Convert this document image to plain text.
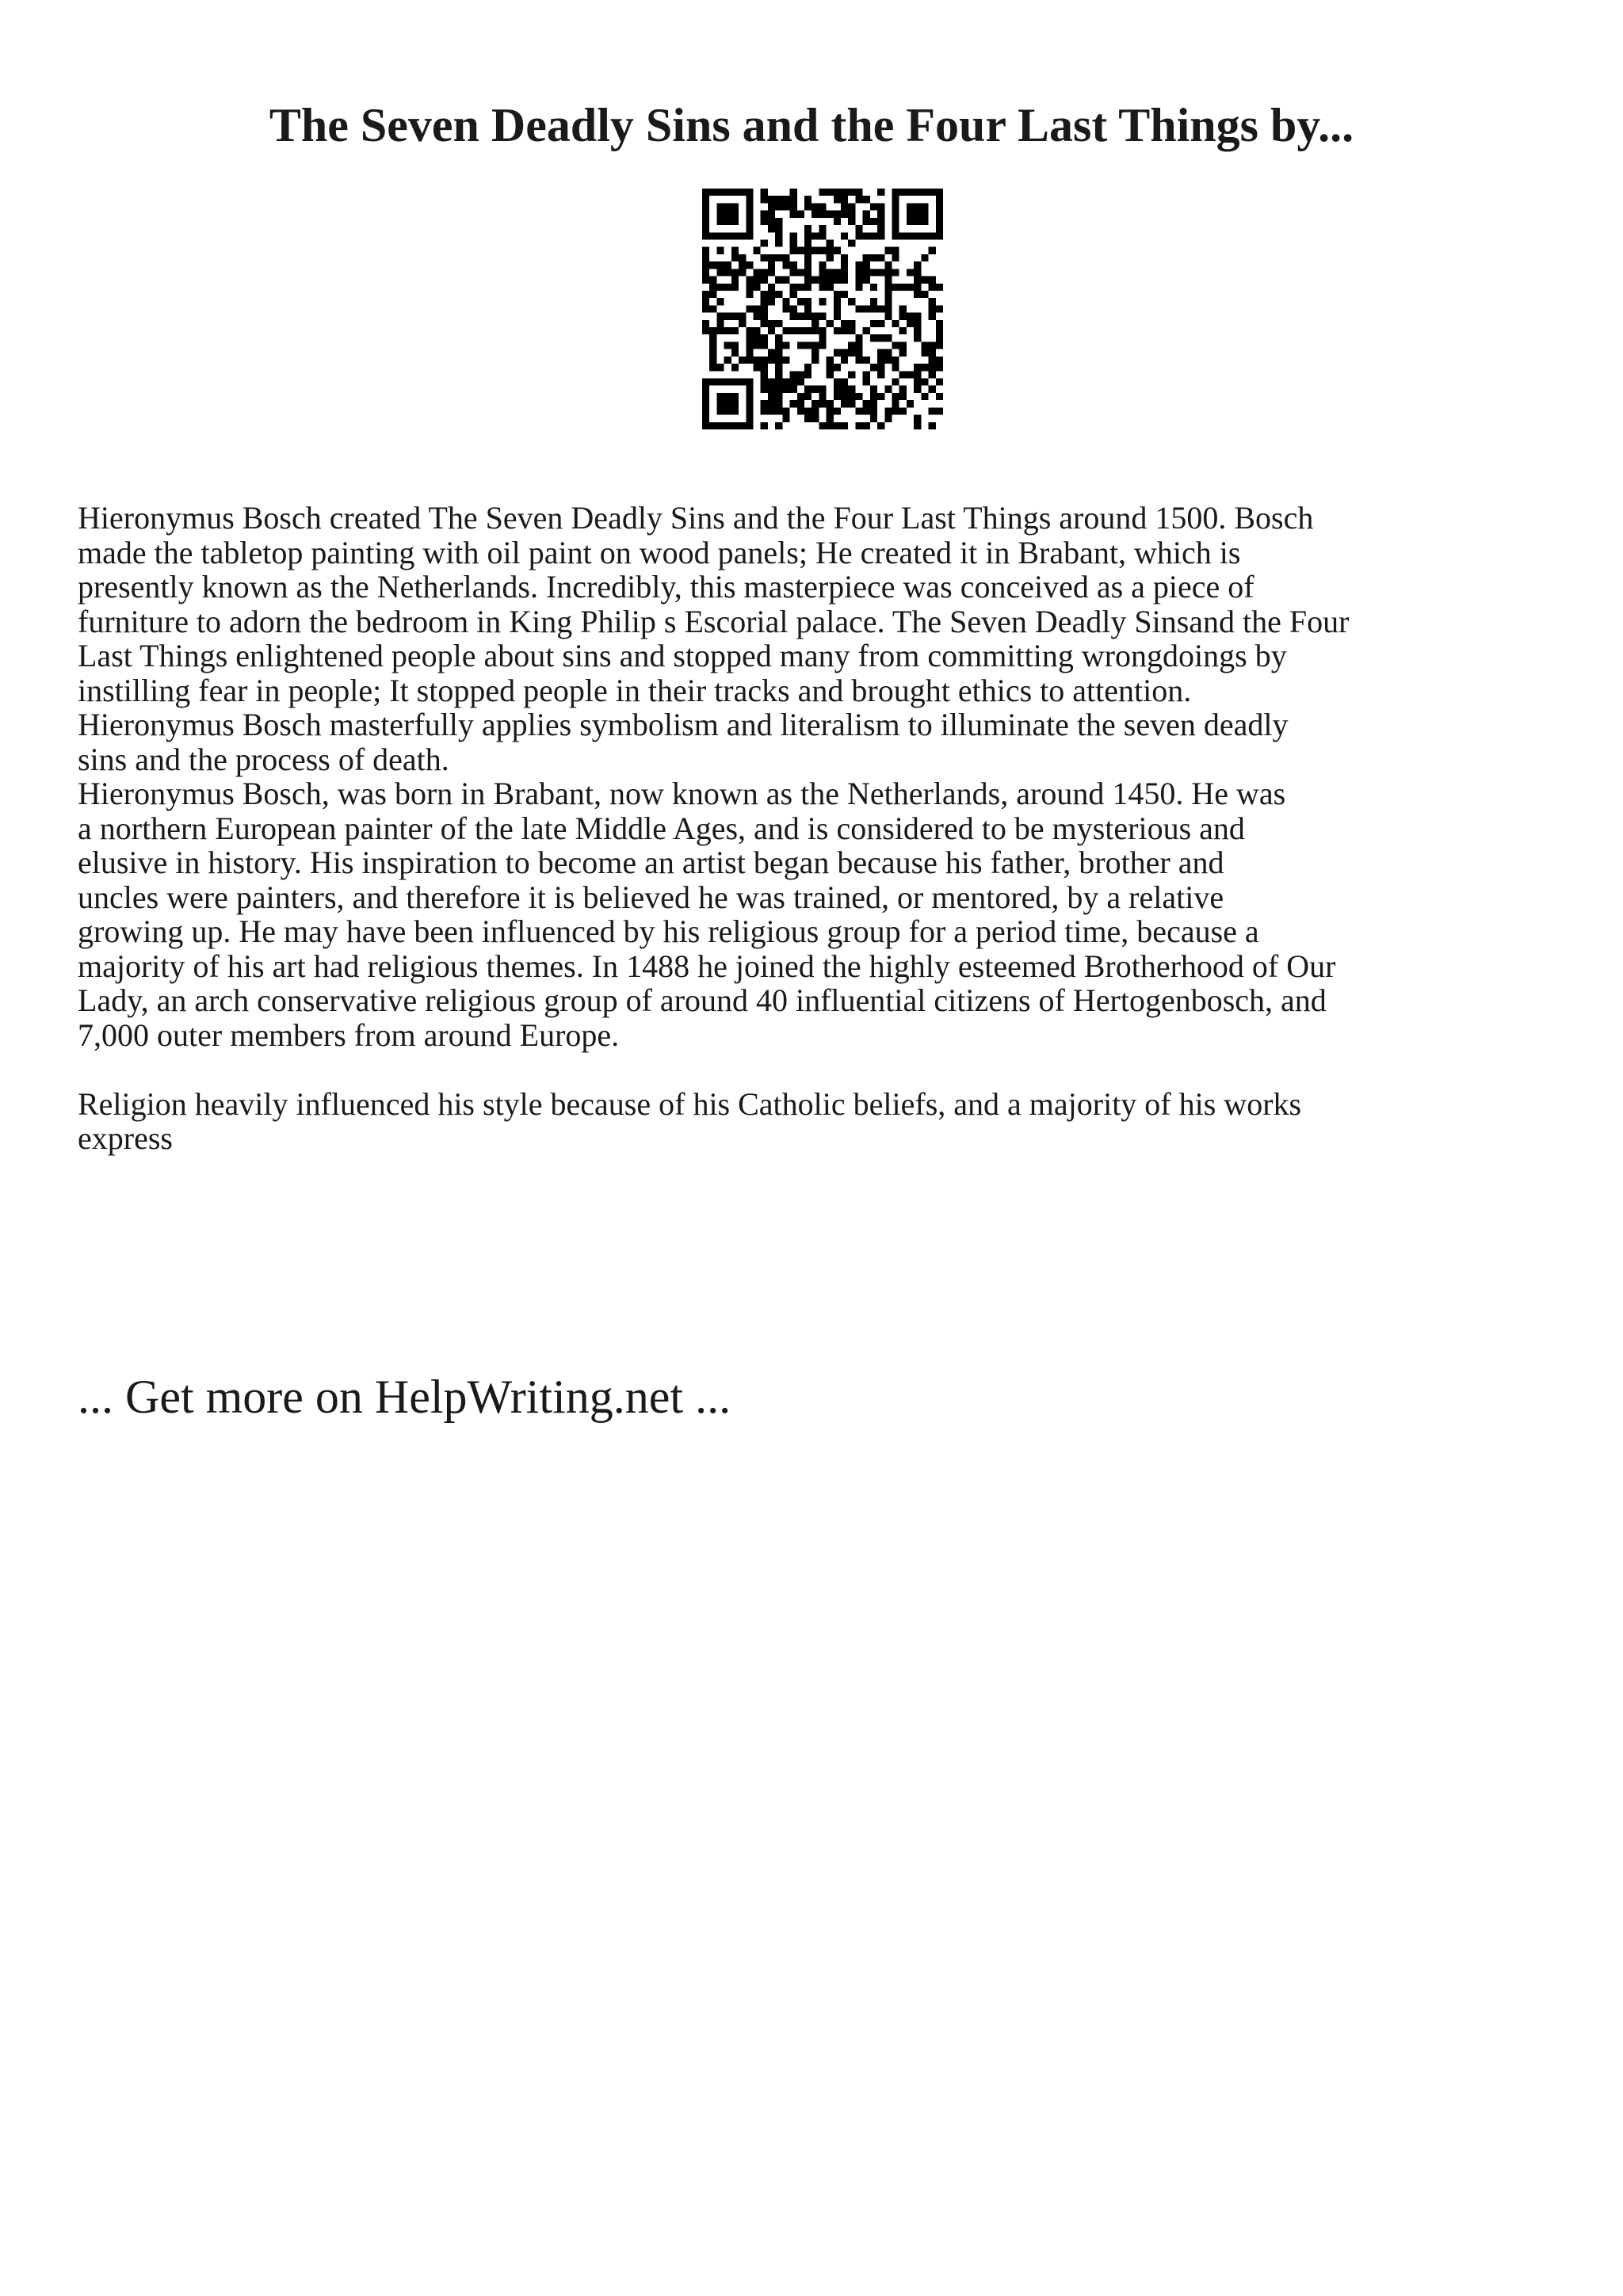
The Seven Deadly Sins and the Four Last Things by...

Hieronymus Bosch created The Seven Deadly Sins and the Four Last Things around 1500. Bosch
made the tabletop painting with oil paint on wood panels; He created it in Brabant, which is
presently known as the Netherlands. Incredibly, this masterpiece was conceived as a piece of
furniture to adorn the bedroom in King Philip s Escorial palace. The Seven Deadly Sinsand the Four
Last Things enlightened people about sins and stopped many from committing wrongdoings by
instilling fear in people; It stopped people in their tracks and brought ethics to attention.
Hieronymus Bosch masterfully applies symbolism and literalism to illuminate the seven deadly
sins and the process of death.

Hieronymus Bosch, was born in Brabant, now known as the Netherlands, around 1450. He was
a northern European painter of the late Middle Ages, and is considered to be mysterious and
elusive in history. His inspiration to become an artist began because his father, brother and
uncles were painters, and therefore it is believed he was trained, or mentored, by a relative
growing up. He may have been influenced by his religious group for a period time, because a
majority of his art had religious themes. In 1488 he joined the highly esteemed Brotherhood of Our
Lady, an arch conservative religious group of around 40 influential citizens of Hertogenbosch, and
7,000 outer members from around Europe.

Religion heavily influenced his style because of his Catholic beliefs, and a majority of his works
express

... Get more on HelpWriting.net ...
